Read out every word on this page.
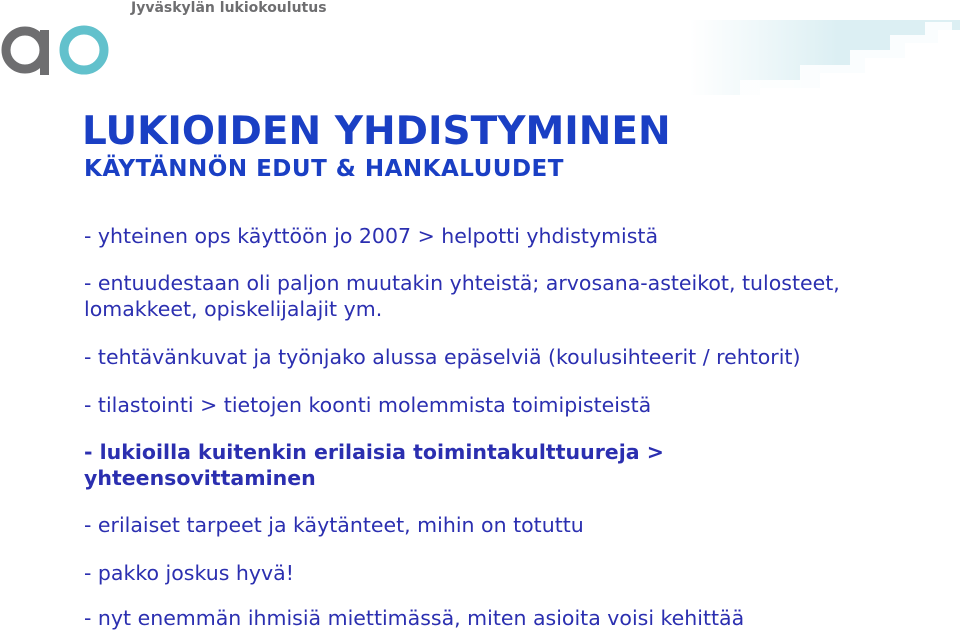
Jyväskylän lukiokoulutus
LUKIOIDEN YHDISTYMINEN
KÄYTÄNNÖN EDUT & HANKALUUDET
- yhteinen ops käyttöön jo 2007 > helpotti yhdistymistä
- entuudestaan oli paljon muutakin yhteistä; arvosana-asteikot, tulosteet,
lomakkeet, opiskelijalajit ym.
- tehtävänkuvat ja työnjako alussa epäselviä (koulusihteerit / rehtorit)
- tilastointi > tietojen koonti molemmista toimipisteistä
- lukioilla kuitenkin erilaisia toimintakulttuureja >
yhteensovittaminen
- erilaiset tarpeet ja käytänteet, mihin on totuttu
- pakko joskus hyvä!
- nyt enemmän ihmisiä miettimässä, miten asioita voisi kehittää
